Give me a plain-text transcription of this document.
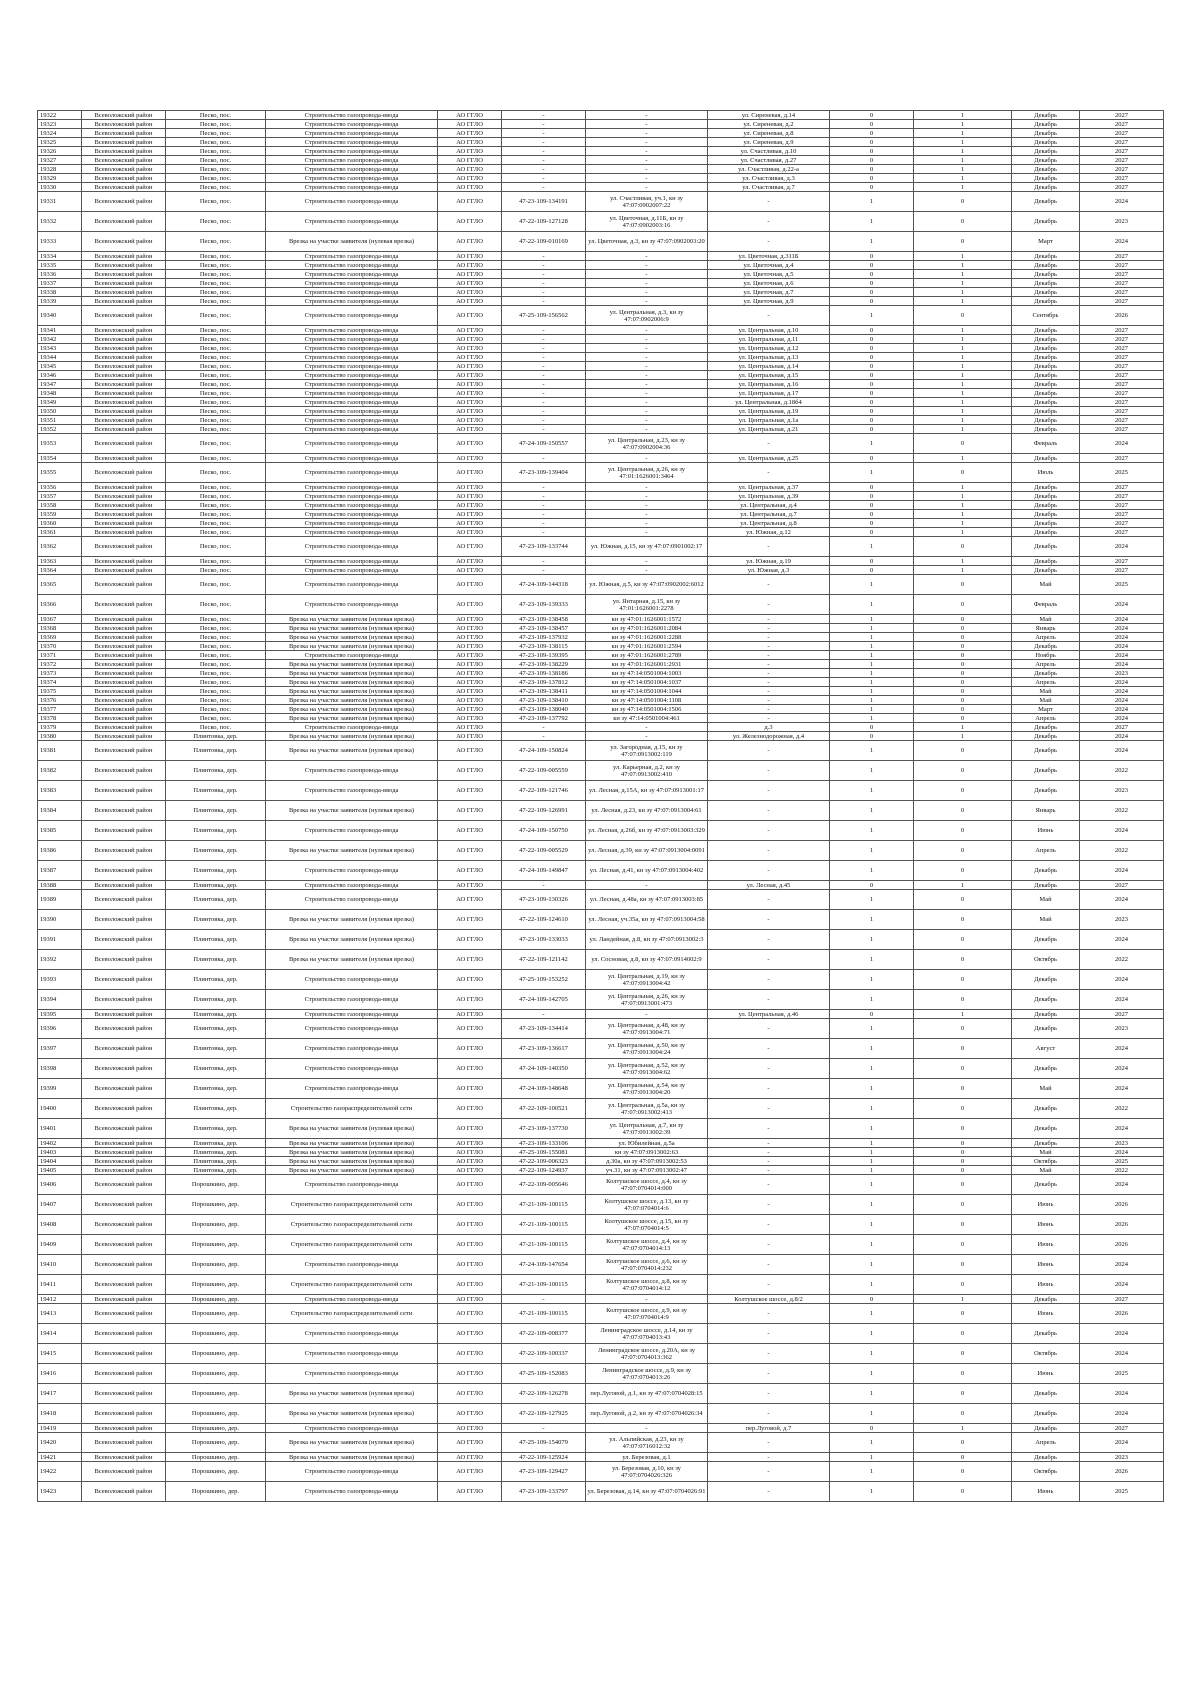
19322	Всеволожский район	Песко, пос.	Строительство газопровода-ввода	АО ГГЛО	-	-	ул. Сиреневая, д.14	0	1	Декабрь	2027
19323	Всеволожский район	Песко, пос.	Строительство газопровода-ввода	АО ГГЛО	-	-	ул. Сиреневая, д.2	0	1	Декабрь	2027
19324	Всеволожский район	Песко, пос.	Строительство газопровода-ввода	АО ГГЛО	-	-	ул. Сиреневая, д.8	0	1	Декабрь	2027
19325	Всеволожский район	Песко, пос.	Строительство газопровода-ввода	АО ГГЛО	-	-	ул. Сиреневая, д.9	0	1	Декабрь	2027
19326	Всеволожский район	Песко, пос.	Строительство газопровода-ввода	АО ГГЛО	-	-	ул. Счастливая, д.10	0	1	Декабрь	2027
19327	Всеволожский район	Песко, пос.	Строительство газопровода-ввода	АО ГГЛО	-	-	ул. Счастливая, д.27	0	1	Декабрь	2027
19328	Всеволожский район	Песко, пос.	Строительство газопровода-ввода	АО ГГЛО	-	-	ул. Счастливая, д.22-а	0	1	Декабрь	2027
19329	Всеволожский район	Песко, пос.	Строительство газопровода-ввода	АО ГГЛО	-	-	ул. Счастливая, д.3	0	1	Декабрь	2027
19330	Всеволожский район	Песко, пос.	Строительство газопровода-ввода	АО ГГЛО	-	-	ул. Счастливая, д.7	0	1	Декабрь	2027
19331	Всеволожский район	Песко, пос.	Строительство газопровода-ввода	АО ГГЛО	47-23-109-134191	ул. Счастливая, уч.1, кн зу 47:07:0902007:22	-	1	0	Декабрь	2024
19332	Всеволожский район	Песко, пос.	Строительство газопровода-ввода	АО ГГЛО	47-22-109-127128	ул. Цветочная, д.11Б, кн зу 47:07:0902003:16	-	1	0	Декабрь	2023
19333	Всеволожский район	Песко, пос.	Врезка на участке заявителя (нулевая врезка)	АО ГГЛО	47-22-109-010169	ул. Цветочная, д.3, кн зу 47:07:0902003:20	-	1	0	Март	2024
19334	Всеволожский район	Песко, пос.	Строительство газопровода-ввода	АО ГГЛО	-	-	ул. Цветочная, д.311Б	0	1	Декабрь	2027
19335	Всеволожский район	Песко, пос.	Строительство газопровода-ввода	АО ГГЛО	-	-	ул. Цветочная, д.4	0	1	Декабрь	2027
19336	Всеволожский район	Песко, пос.	Строительство газопровода-ввода	АО ГГЛО	-	-	ул. Цветочная, д.5	0	1	Декабрь	2027
19337	Всеволожский район	Песко, пос.	Строительство газопровода-ввода	АО ГГЛО	-	-	ул. Цветочная, д.6	0	1	Декабрь	2027
19338	Всеволожский район	Песко, пос.	Строительство газопровода-ввода	АО ГГЛО	-	-	ул. Цветочная, д.7	0	1	Декабрь	2027
19339	Всеволожский район	Песко, пос.	Строительство газопровода-ввода	АО ГГЛО	-	-	ул. Цветочная, д.9	0	1	Декабрь	2027
19340	Всеволожский район	Песко, пос.	Строительство газопровода-ввода	АО ГГЛО	47-25-109-156562	ул. Центральная, д.3, кн зу 47:07:0902006:9	-	1	0	Сентябрь	2026
19341	Всеволожский район	Песко, пос.	Строительство газопровода-ввода	АО ГГЛО	-	-	ул. Центральная, д.10	0	1	Декабрь	2027
19342	Всеволожский район	Песко, пос.	Строительство газопровода-ввода	АО ГГЛО	-	-	ул. Центральная, д.11	0	1	Декабрь	2027
19343	Всеволожский район	Песко, пос.	Строительство газопровода-ввода	АО ГГЛО	-	-	ул. Центральная, д.12	0	1	Декабрь	2027
19344	Всеволожский район	Песко, пос.	Строительство газопровода-ввода	АО ГГЛО	-	-	ул. Центральная, д.13	0	1	Декабрь	2027
19345	Всеволожский район	Песко, пос.	Строительство газопровода-ввода	АО ГГЛО	-	-	ул. Центральная, д.14	0	1	Декабрь	2027
19346	Всеволожский район	Песко, пос.	Строительство газопровода-ввода	АО ГГЛО	-	-	ул. Центральная, д.15	0	1	Декабрь	2027
19347	Всеволожский район	Песко, пос.	Строительство газопровода-ввода	АО ГГЛО	-	-	ул. Центральная, д.16	0	1	Декабрь	2027
19348	Всеволожский район	Песко, пос.	Строительство газопровода-ввода	АО ГГЛО	-	-	ул. Центральная, д.17	0	1	Декабрь	2027
19349	Всеволожский район	Песко, пос.	Строительство газопровода-ввода	АО ГГЛО	-	-	ул. Центральная, д.18б4	0	1	Декабрь	2027
19350	Всеволожский район	Песко, пос.	Строительство газопровода-ввода	АО ГГЛО	-	-	ул. Центральная, д.19	0	1	Декабрь	2027
19351	Всеволожский район	Песко, пос.	Строительство газопровода-ввода	АО ГГЛО	-	-	ул. Центральная, д.1а	0	1	Декабрь	2027
19352	Всеволожский район	Песко, пос.	Строительство газопровода-ввода	АО ГГЛО	-	-	ул. Центральная, д.21	0	1	Декабрь	2027
19353	Всеволожский район	Песко, пос.	Строительство газопровода-ввода	АО ГГЛО	47-24-109-150557	ул. Центральная, д.23, кн зу 47:07:0902004:36	-	1	0	Февраль	2024
19354	Всеволожский район	Песко, пос.	Строительство газопровода-ввода	АО ГГЛО	-	-	ул. Центральная, д.25	0	1	Декабрь	2027
19355	Всеволожский район	Песко, пос.	Строительство газопровода-ввода	АО ГГЛО	47-23-109-139404	ул. Центральная, д.26, кн зу 47:01:1626001:3464	-	1	0	Июль	2025
19356	Всеволожский район	Песко, пос.	Строительство газопровода-ввода	АО ГГЛО	-	-	ул. Центральная, д.37	0	1	Декабрь	2027
19357	Всеволожский район	Песко, пос.	Строительство газопровода-ввода	АО ГГЛО	-	-	ул. Центральная, д.39	0	1	Декабрь	2027
19358	Всеволожский район	Песко, пос.	Строительство газопровода-ввода	АО ГГЛО	-	-	ул. Центральная, д.4	0	1	Декабрь	2027
19359	Всеволожский район	Песко, пос.	Строительство газопровода-ввода	АО ГГЛО	-	-	ул. Центральная, д.7	0	1	Декабрь	2027
19360	Всеволожский район	Песко, пос.	Строительство газопровода-ввода	АО ГГЛО	-	-	ул. Центральная, д.8	0	1	Декабрь	2027
19361	Всеволожский район	Песко, пос.	Строительство газопровода-ввода	АО ГГЛО	-	-	ул. Южная, д.12	0	1	Декабрь	2027
19362	Всеволожский район	Песко, пос.	Строительство газопровода-ввода	АО ГГЛО	47-23-109-133744	ул. Южная, д.15, кн зу 47:07:0901002:17	-	1	0	Декабрь	2024
19363	Всеволожский район	Песко, пос.	Строительство газопровода-ввода	АО ГГЛО	-	-	ул. Южная, д.19	0	1	Декабрь	2027
19364	Всеволожский район	Песко, пос.	Строительство газопровода-ввода	АО ГГЛО	-	-	ул. Южная, д.3	0	1	Декабрь	2027
19365	Всеволожский район	Песко, пос.	Строительство газопровода-ввода	АО ГГЛО	47-24-109-144318	ул. Южная, д.5, кн зу 47:07:0902002:6012	-	1	0	Май	2025
19366	Всеволожский район	Песко, пос.	Строительство газопровода-ввода	АО ГГЛО	47-23-109-139333	ул. Янтарная, д.15, кн зу 47:01:1626001:2278	-	1	0	Февраль	2024
19367	Всеволожский район	Песко, пос.	Врезка на участке заявителя (нулевая врезка)	АО ГГЛО	47-23-109-138458	кн зу 47:01:1626001:1572	-	1	0	Май	2024
19368	Всеволожский район	Песко, пос.	Врезка на участке заявителя (нулевая врезка)	АО ГГЛО	47-23-109-138457	кн зу 47:01:1626001:2084	-	1	0	Январь	2024
19369	Всеволожский район	Песко, пос.	Врезка на участке заявителя (нулевая врезка)	АО ГГЛО	47-23-109-137932	кн зу 47:01:1626001:2288	-	1	0	Апрель	2024
19370	Всеволожский район	Песко, пос.	Врезка на участке заявителя (нулевая врезка)	АО ГГЛО	47-23-109-138115	кн зу 47:01:1626001:2594	-	1	0	Декабрь	2024
19371	Всеволожский район	Песко, пос.	Строительство газопровода-ввода	АО ГГЛО	47-23-109-139395	кн зу 47:01:1626001:2789	-	1	0	Ноябрь	2024
19372	Всеволожский район	Песко, пос.	Врезка на участке заявителя (нулевая врезка)	АО ГГЛО	47-23-109-138229	кн зу 47:01:1626001:2931	-	1	0	Апрель	2024
19373	Всеволожский район	Песко, пос.	Врезка на участке заявителя (нулевая врезка)	АО ГГЛО	47-23-109-138186	кн зу 47:14:0501004:1003	-	1	0	Декабрь	2023
19374	Всеволожский район	Песко, пос.	Врезка на участке заявителя (нулевая врезка)	АО ГГЛО	47-23-109-137812	кн зу 47:14:0501004:1037	-	1	0	Апрель	2024
19375	Всеволожский район	Песко, пос.	Врезка на участке заявителя (нулевая врезка)	АО ГГЛО	47-23-109-138411	кн зу 47:14:0501004:1044	-	1	0	Май	2024
19376	Всеволожский район	Песко, пос.	Врезка на участке заявителя (нулевая врезка)	АО ГГЛО	47-23-109-138410	кн зу 47:14:0501004:1108	-	1	0	Май	2024
19377	Всеволожский район	Песко, пос.	Врезка на участке заявителя (нулевая врезка)	АО ГГЛО	47-23-109-138040	кн зу 47:14:0501004:1506	-	1	0	Март	2024
19378	Всеволожский район	Песко, пос.	Врезка на участке заявителя (нулевая врезка)	АО ГГЛО	47-23-109-137792	кн зу 47:14:0501004:461	-	1	0	Апрель	2024
19379	Всеволожский район	Песко, пос.	Строительство газопровода-ввода	АО ГГЛО	-	-	д.3	0	1	Декабрь	2027
19380	Всеволожский район	Плинтовка, дер.	Врезка на участке заявителя (нулевая врезка)	АО ГГЛО	-	-	ул. Железнодорожная, д.4	0	1	Декабрь	2024
19381	Всеволожский район	Плинтовка, дер.	Врезка на участке заявителя (нулевая врезка)	АО ГГЛО	47-24-109-150824	ул. Загородная, д.15, кн зу 47:07:0913002:119	-	1	0	Декабрь	2024
19382	Всеволожский район	Плинтовка, дер.	Строительство газопровода-ввода	АО ГГЛО	47-22-109-005559	ул. Карьерная, д.2, кн зу 47:07:0913002:410	-	1	0	Декабрь	2022
19383	Всеволожский район	Плинтовка, дер.	Строительство газопровода-ввода	АО ГГЛО	47-22-109-121746	ул. Лесная, д.15А, кн зу 47:07:0913001:17	-	1	0	Декабрь	2023
19384	Всеволожский район	Плинтовка, дер.	Врезка на участке заявителя (нулевая врезка)	АО ГГЛО	47-22-109-126991	ул. Лесная, д.23, кн зу 47:07:0913004:61	-	1	0	Январь	2022
19385	Всеволожский район	Плинтовка, дер.	Строительство газопровода-ввода	АО ГГЛО	47-24-109-150750	ул. Лесная, д.26б, кн зу 47:07:0913003:329	-	1	0	Июнь	2024
19386	Всеволожский район	Плинтовка, дер.	Врезка на участке заявителя (нулевая врезка)	АО ГГЛО	47-22-109-005529	ул. Лесная, д.39, кн зу 47:07:0913004:0091	-	1	0	Апрель	2022
19387	Всеволожский район	Плинтовка, дер.	Строительство газопровода-ввода	АО ГГЛО	47-24-109-149847	ул. Лесная, д.41, кн зу 47:07:0913004:402	-	1	0	Декабрь	2024
19388	Всеволожский район	Плинтовка, дер.	Строительство газопровода-ввода	АО ГГЛО	-	-	ул. Лесная, д.45	0	1	Декабрь	2027
19389	Всеволожский район	Плинтовка, дер.	Строительство газопровода-ввода	АО ГГЛО	47-23-109-130326	ул. Лесная, д.48а, кн зу 47:07:0913003:85	-	1	0	Май	2024
19390	Всеволожский район	Плинтовка, дер.	Врезка на участке заявителя (нулевая врезка)	АО ГГЛО	47-22-109-124610	ул. Лесная, уч.35а, кн зу 47:07:0913004:58	-	1	0	Май	2023
19391	Всеволожский район	Плинтовка, дер.	Врезка на участке заявителя (нулевая врезка)	АО ГГЛО	47-23-109-133033	ул. Ландейная, д.8, кн зу 47:07:0913002:3	-	1	0	Декабрь	2024
19392	Всеволожский район	Плинтовка, дер.	Врезка на участке заявителя (нулевая врезка)	АО ГГЛО	47-22-109-121142	ул. Сосновая, д.8, кн зу 47:07:0914002:9	-	1	0	Октябрь	2022
19393	Всеволожский район	Плинтовка, дер.	Строительство газопровода-ввода	АО ГГЛО	47-25-109-153252	ул. Центральная, д.19, кн зу 47:07:0913004:42	-	1	0	Декабрь	2024
19394	Всеволожский район	Плинтовка, дер.	Строительство газопровода-ввода	АО ГГЛО	47-24-109-142705	ул. Центральная, д.26, кн зу 47:07:0913001:473	-	1	0	Декабрь	2024
19395	Всеволожский район	Плинтовка, дер.	Строительство газопровода-ввода	АО ГГЛО	-	-	ул. Центральная, д.46	0	1	Декабрь	2027
19396	Всеволожский район	Плинтовка, дер.	Строительство газопровода-ввода	АО ГГЛО	47-23-109-134414	ул. Центральная, д.48, кн зу 47:07:0913004:71	-	1	0	Декабрь	2023
19397	Всеволожский район	Плинтовка, дер.	Строительство газопровода-ввода	АО ГГЛО	47-23-109-136617	ул. Центральная, д.50, кн зу 47:07:0913004:24	-	1	0	Август	2024
19398	Всеволожский район	Плинтовка, дер.	Строительство газопровода-ввода	АО ГГЛО	47-24-109-140350	ул. Центральная, д.52, кн зу 47:07:0913004:62	-	1	0	Декабрь	2024
19399	Всеволожский район	Плинтовка, дер.	Строительство газопровода-ввода	АО ГГЛО	47-24-109-148648	ул. Центральная, д.54, кн зу 47:07:0913004:20	-	1	0	Май	2024
19400	Всеволожский район	Плинтовка, дер.	Строительство газораспределительной сети	АО ГГЛО	47-22-109-100521	ул. Центральная, д.5а, кн зу 47:07:0913002:413	-	1	0	Декабрь	2022
19401	Всеволожский район	Плинтовка, дер.	Врезка на участке заявителя (нулевая врезка)	АО ГГЛО	47-23-109-137730	ул. Центральная, д.7, кн зу 47:07:0913002:39	-	1	0	Декабрь	2024
19402	Всеволожский район	Плинтовка, дер.	Врезка на участке заявителя (нулевая врезка)	АО ГГЛО	47-23-109-133106	ул. Юбилейная, д.5а	-	1	0	Декабрь	2023
19403	Всеволожский район	Плинтовка, дер.	Врезка на участке заявителя (нулевая врезка)	АО ГГЛО	47-25-109-155081	кн зу 47:07:0913002:63	-	1	0	Май	2024
19404	Всеволожский район	Плинтовка, дер.	Врезка на участке заявителя (нулевая врезка)	АО ГГЛО	47-22-109-006323	д.30а, кн зу 47:07:0913002:53	-	1	0	Октябрь	2025
19405	Всеволожский район	Плинтовка, дер.	Врезка на участке заявителя (нулевая врезка)	АО ГГЛО	47-22-109-124937	уч.31, кн зу 47:07:0913002:47	-	1	0	Май	2022
19406	Всеволожский район	Порошкино, дер.	Строительство газопровода-ввода	АО ГГЛО	47-22-109-005646	Колтушское шоссе, д.4, кн зу 47:07:0704014:000	-	1	0	Декабрь	2024
19407	Всеволожский район	Порошкино, дер.	Строительство газораспределительной сети	АО ГГЛО	47-21-109-100115	Колтушское шоссе, д.13, кн зу 47:07:0704014:6	-	1	0	Июнь	2026
19408	Всеволожский район	Порошкино, дер.	Строительство газораспределительной сети	АО ГГЛО	47-21-109-100115	Колтушское шоссе, д.15, кн зу 47:07:0704014:5	-	1	0	Июнь	2026
19409	Всеволожский район	Порошкино, дер.	Строительство газораспределительной сети	АО ГГЛО	47-21-109-100115	Колтушское шоссе, д.4, кн зу 47:07:0704014:13	-	1	0	Июнь	2026
19410	Всеволожский район	Порошкино, дер.	Строительство газопровода-ввода	АО ГГЛО	47-24-109-147654	Колтушское шоссе, д.6, кн зу 47:07:0704014:232	-	1	0	Июнь	2024
19411	Всеволожский район	Порошкино, дер.	Строительство газораспределительной сети	АО ГГЛО	47-21-109-100115	Колтушское шоссе, д.8, кн зу 47:07:0704014:12	-	1	0	Июнь	2024
19412	Всеволожский район	Порошкино, дер.	Строительство газопровода-ввода	АО ГГЛО	-	-	Колтушское шоссе, д.8/2	0	1	Декабрь	2027
19413	Всеволожский район	Порошкино, дер.	Строительство газораспределительной сети	АО ГГЛО	47-21-109-100115	Колтушское шоссе, д.9, кн зу 47:07:0704014:9	-	1	0	Июнь	2026
19414	Всеволожский район	Порошкино, дер.	Строительство газопровода-ввода	АО ГГЛО	47-22-109-008377	Ленинградское шоссе, д.14, кн зу 47:07:0704013:43	-	1	0	Декабрь	2024
19415	Всеволожский район	Порошкино, дер.	Строительство газопровода-ввода	АО ГГЛО	47-22-109-100337	Ленинградское шоссе, д.20А, кн зу 47:07:0704013:362	-	1	0	Октябрь	2024
19416	Всеволожский район	Порошкино, дер.	Строительство газопровода-ввода	АО ГГЛО	47-25-109-152083	Ленинградское шоссе, д.9, кн зу 47:07:0704013:26	-	1	0	Июнь	2025
19417	Всеволожский район	Порошкино, дер.	Врезка на участке заявителя (нулевая врезка)	АО ГГЛО	47-22-109-126278	пер.Луговой, д.1, кн зу 47:07:0704028:15	-	1	0	Декабрь	2024
19418	Всеволожский район	Порошкино, дер.	Врезка на участке заявителя (нулевая врезка)	АО ГГЛО	47-22-109-127925	пер.Луговой, д.2, кн зу 47:07:0704026:34	-	1	0	Декабрь	2024
19419	Всеволожский район	Порошкино, дер.	Строительство газопровода-ввода	АО ГГЛО	-	-	пер.Луговой, д.7	0	1	Декабрь	2027
19420	Всеволожский район	Порошкино, дер.	Врезка на участке заявителя (нулевая врезка)	АО ГГЛО	47-25-109-154079	ул. Альпийская, д.23, кн зу 47:07:0716012:32	-	1	0	Апрель	2024
19421	Всеволожский район	Порошкино, дер.	Врезка на участке заявителя (нулевая врезка)	АО ГГЛО	47-22-109-125924	ул. Березовая, д.1	-	1	0	Декабрь	2023
19422	Всеволожский район	Порошкино, дер.	Строительство газопровода-ввода	АО ГГЛО	47-23-109-129427	ул. Березовая, д.10, кн зу 47:07:0704026:326	-	1	0	Октябрь	2026
19423	Всеволожский район	Порошкино, дер.	Строительство газопровода-ввода	АО ГГЛО	47-23-109-133797	ул. Березовая, д.14, кн зу 47:07:0704026:91	-	1	0	Июнь	2025
